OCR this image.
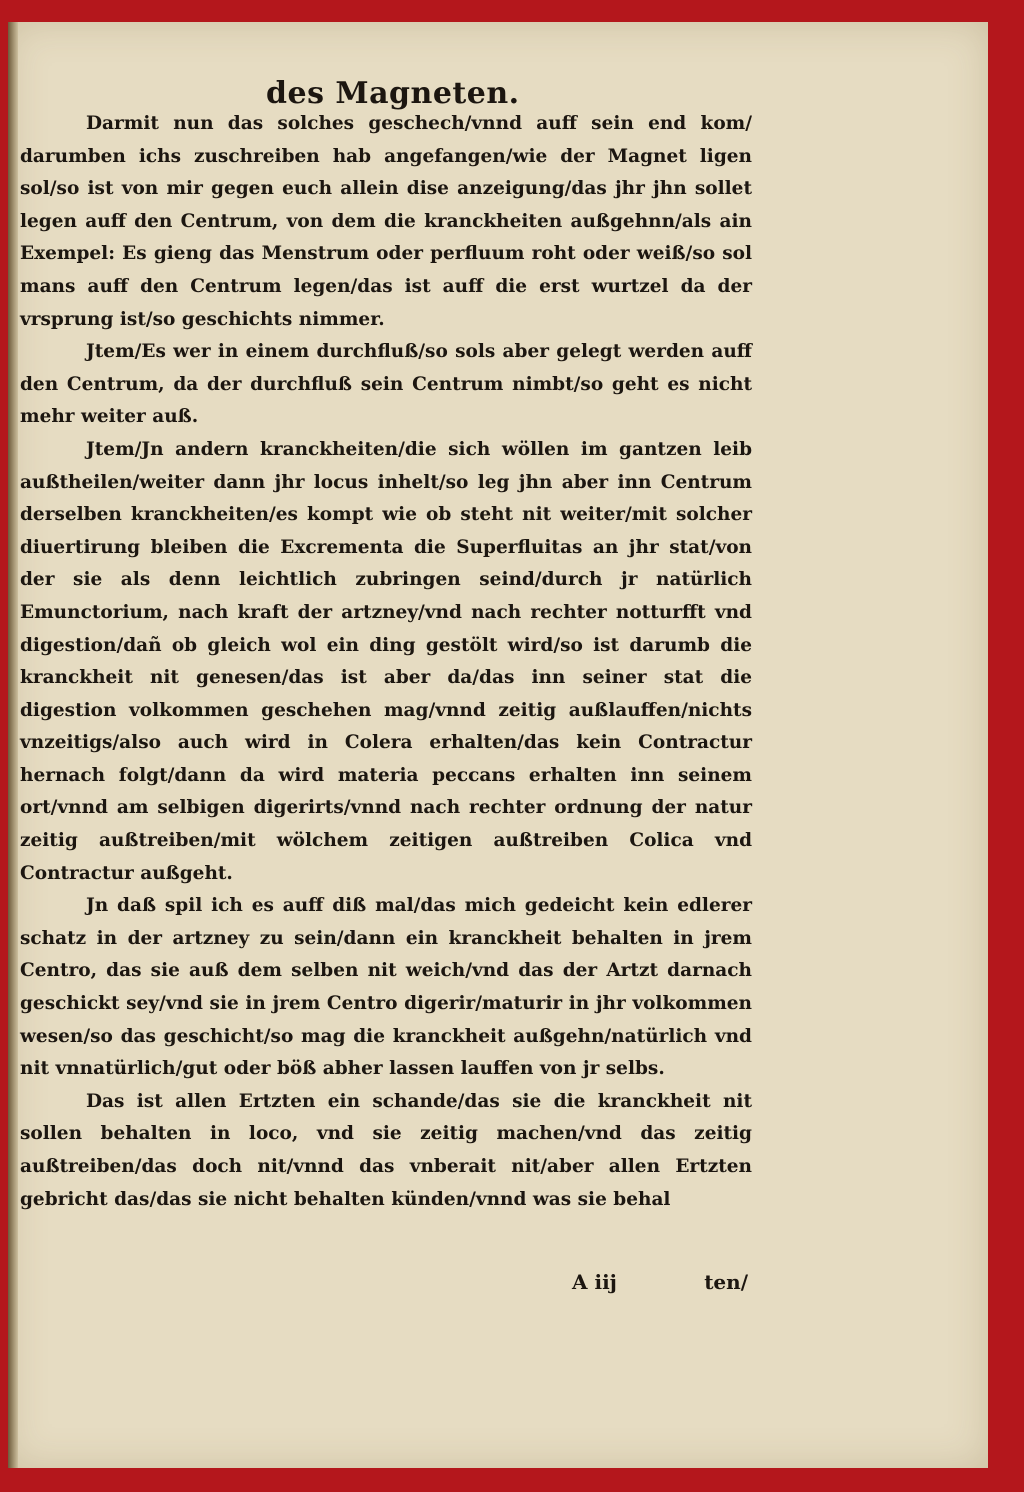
des Magneten.

Darmit nun das solches geschech/vnnd auff sein end kom/ darumben ichs zuschreiben hab angefangen/wie der Magnet ligen sol/so ist von mir gegen euch allein dise anzeigung/das jhr jhn sollet legen auff den Centrum, von dem die kranckheiten außgehnn/als ain Exempel: Es gieng das Menstrum oder perfluum roht oder weiß/so sol mans auff den Centrum legen/das ist auff die erst wurtzel da der vrsprung ist/so geschichts nimmer.

Jtem/Es wer in einem durchfluß/so sols aber gelegt werden auff den Centrum, da der durchfluß sein Centrum nimbt/so geht es nicht mehr weiter auß.

Jtem/Jn andern kranckheiten/die sich wöllen im gantzen leib außtheilen/weiter dann jhr locus inhelt/so leg jhn aber inn Centrum derselben kranckheiten/es kompt wie ob steht nit weiter/mit solcher diuertirung bleiben die Excrementa die Superfluitas an jhr stat/von der sie als denn leichtlich zubringen seind/durch jr natürlich Emunctorium, nach kraft der artzney/vnd nach rechter notturfft vnd digestion/dañ ob gleich wol ein ding gestölt wird/so ist darumb die kranckheit nit genesen/das ist aber da/das inn seiner stat die digestion volkommen geschehen mag/vnnd zeitig außlauffen/nichts vnzeitigs/also auch wird in Colera erhalten/das kein Contractur hernach folgt/dann da wird materia peccans erhalten inn seinem ort/vnnd am selbigen digerirts/vnnd nach rechter ordnung der natur zeitig außtreiben/mit wölchem zeitigen außtreiben Colica vnd Contractur außgeht.

Jn daß spil ich es auff diß mal/das mich gedeicht kein edlerer schatz in der artzney zu sein/dann ein kranckheit behalten in jrem Centro, das sie auß dem selben nit weich/vnd das der Artzt darnach geschickt sey/vnd sie in jrem Centro digerir/maturir in jhr volkommen wesen/so das geschicht/so mag die kranckheit außgehn/natürlich vnd nit vnnatürlich/gut oder böß abher lassen lauffen von jr selbs.

Das ist allen Ertzten ein schande/das sie die kranckheit nit sollen behalten in loco, vnd sie zeitig machen/vnd das zeitig außtreiben/das doch nit/vnnd das vnberait nit/aber allen Ertzten gebricht das/das sie nicht behalten künden/vnnd was sie behal

A iij	ten/
